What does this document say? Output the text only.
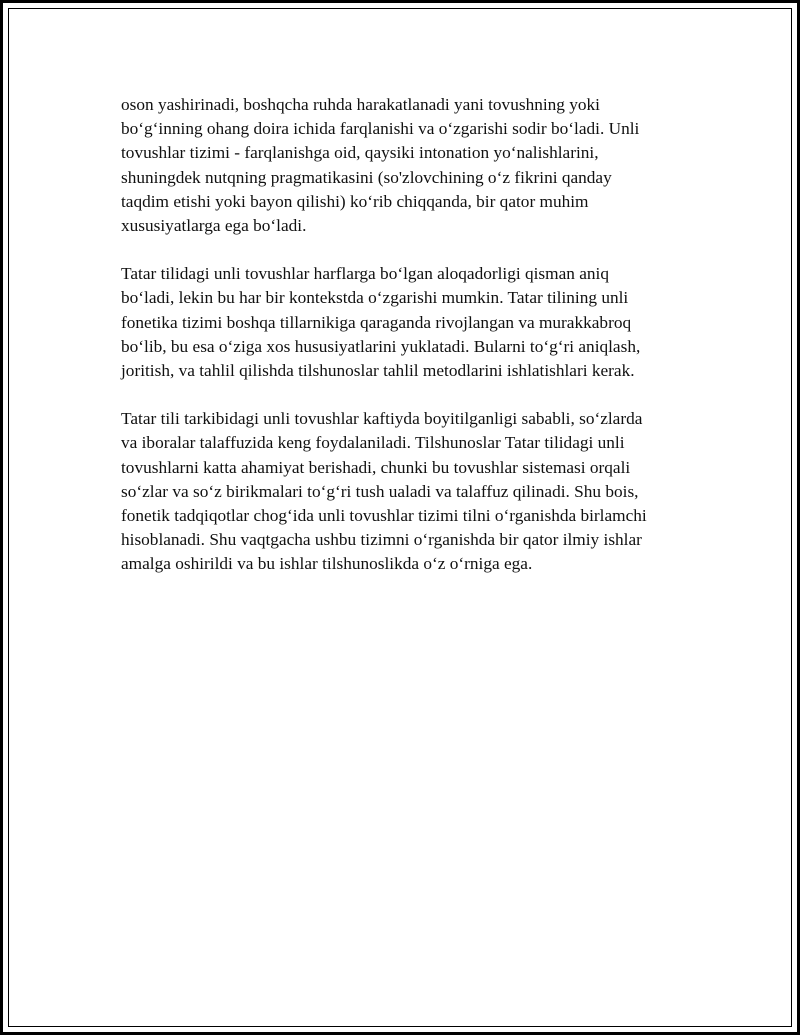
oson yashirinadi, boshqcha ruhda harakatlanadi yani tovushning yoki
bo‘g‘inning ohang doira ichida farqlanishi va o‘zgarishi sodir bo‘ladi. Unli
tovushlar tizimi - farqlanishga oid, qaysiki intonation yo‘nalishlarini,
shuningdek nutqning pragmatikasini (so'zlovchining o‘z fikrini qanday
taqdim etishi yoki bayon qilishi) ko‘rib chiqqanda, bir qator muhim
xususiyatlarga ega bo‘ladi.

Tatar tilidagi unli tovushlar harflarga bo‘lgan aloqadorligi qisman aniq
bo‘ladi, lekin bu har bir kontekstda o‘zgarishi mumkin. Tatar tilining unli
fonetika tizimi boshqa tillarnikiga qaraganda rivojlangan va murakkabroq
bo‘lib, bu esa o‘ziga xos hususiyatlarini yuklatadi. Bularni to‘g‘ri aniqlash,
joritish, va tahlil qilishda tilshunoslar tahlil metodlarini ishlatishlari kerak.

Tatar tili tarkibidagi unli tovushlar kaftiyda boyitilganligi sababli, so‘zlarda
va iboralar talaffuzida keng foydalaniladi. Tilshunoslar Tatar tilidagi unli
tovushlarni katta ahamiyat berishadi, chunki bu tovushlar sistemasi orqali
so‘zlar va so‘z birikmalari to‘g‘ri tush ualadi va talaffuz qilinadi. Shu bois,
fonetik tadqiqotlar chog‘ida unli tovushlar tizimi tilni o‘rganishda birlamchi
hisoblanadi. Shu vaqtgacha ushbu tizimni o‘rganishda bir qator ilmiy ishlar
amalga oshirildi va bu ishlar tilshunoslikda o‘z o‘rniga ega.
